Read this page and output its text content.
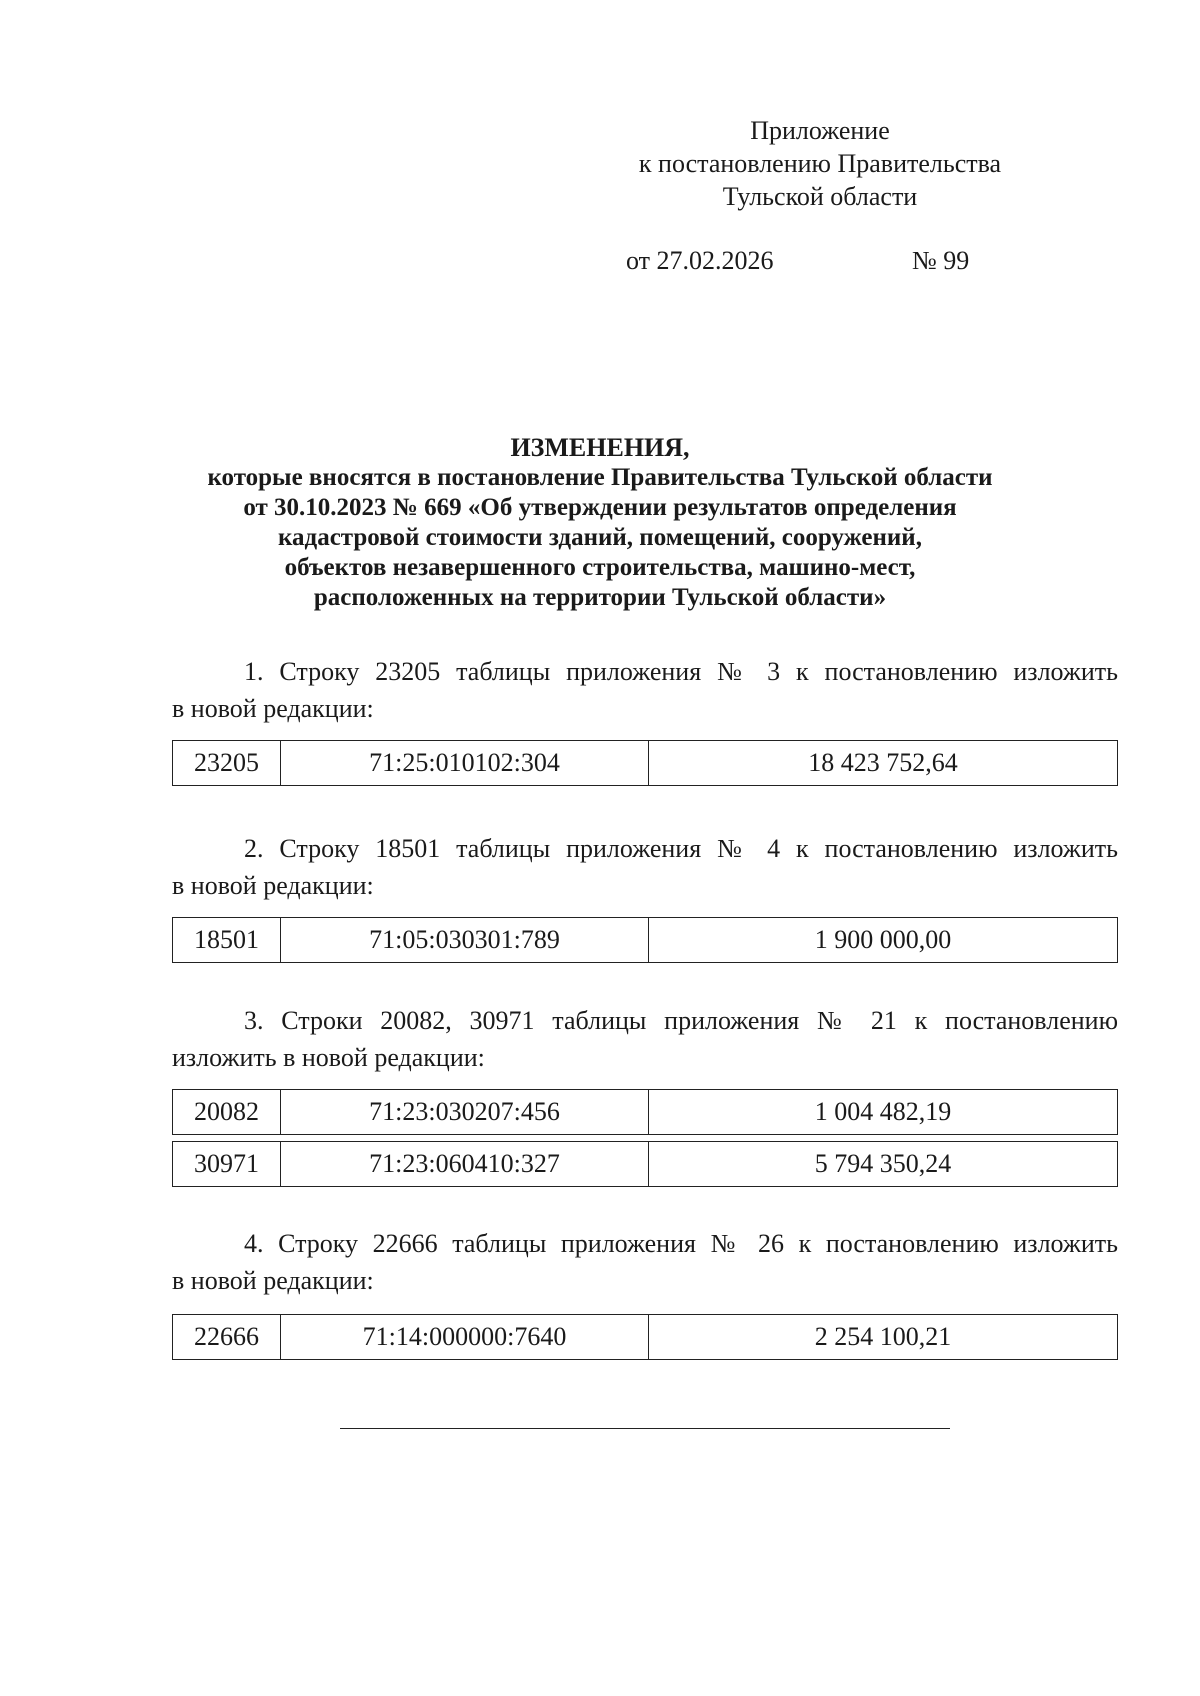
Приложение
к постановлению Правительства
Тульской области
от 27.02.2026	№ 99
ИЗМЕНЕНИЯ,
которые вносятся в постановление Правительства Тульской области
от 30.10.2023 № 669 «Об утверждении результатов определения
кадастровой стоимости зданий, помещений, сооружений,
объектов незавершенного строительства, машино-мест,
расположенных на территории Тульской области»
1. Строку 23205 таблицы приложения № 3 к постановлению изложить
в новой редакции:
23205	71:25:010102:304	18 423 752,64
2. Строку 18501 таблицы приложения № 4 к постановлению изложить
в новой редакции:
18501	71:05:030301:789	1 900 000,00
3. Строки 20082, 30971 таблицы приложения № 21 к постановлению
изложить в новой редакции:
20082	71:23:030207:456	1 004 482,19
30971	71:23:060410:327	5 794 350,24
4. Строку 22666 таблицы приложения № 26 к постановлению изложить
в новой редакции:
22666	71:14:000000:7640	2 254 100,21
